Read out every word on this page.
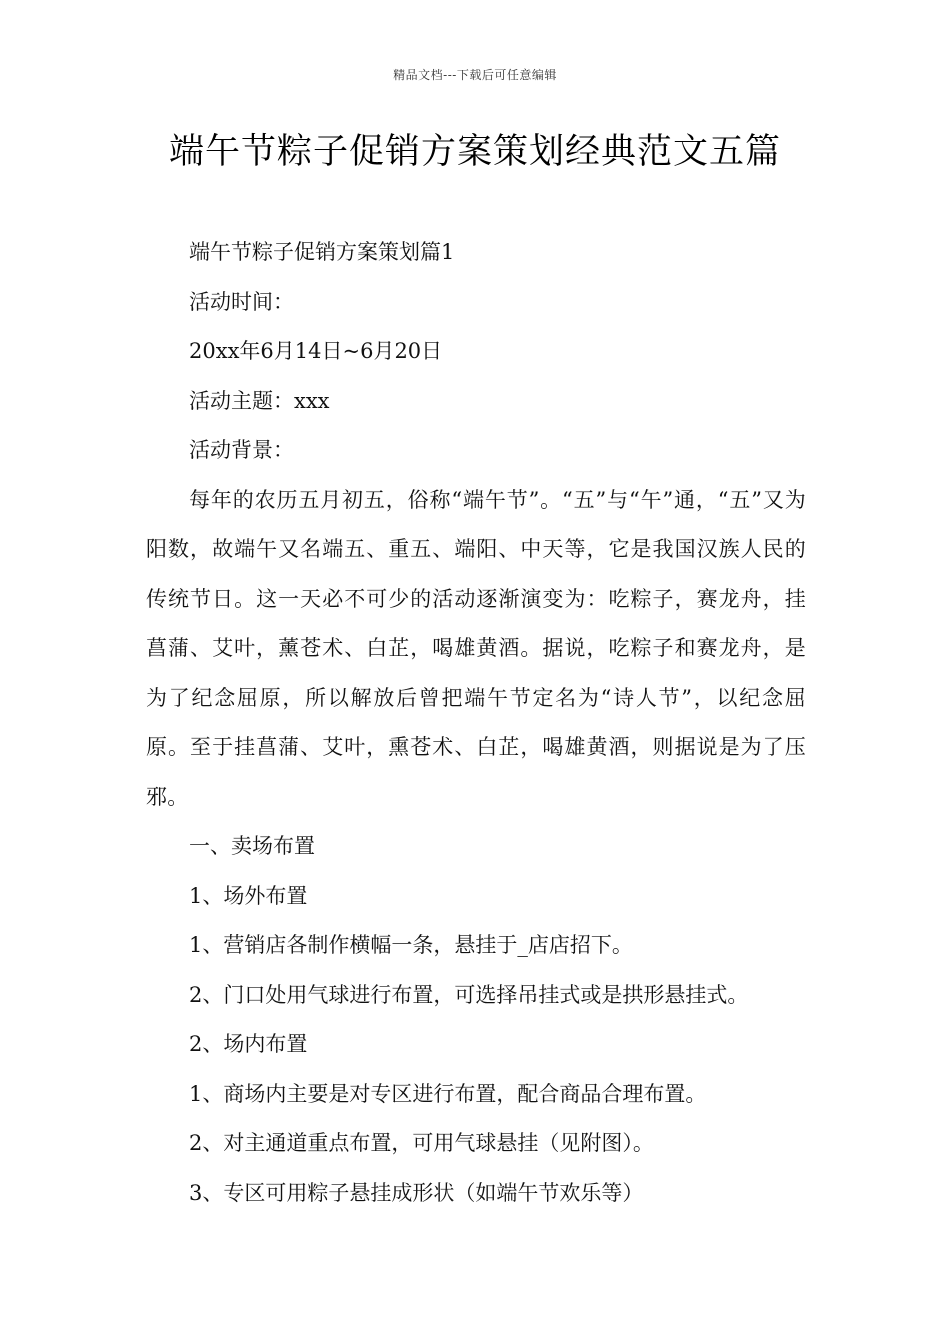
精品文档---下载后可任意编辑
端午节粽子促销方案策划经典范文五篇

端午节粽子促销方案策划篇1

活动时间：

20xx年6月14日~6月20日

活动主题：xxx

活动背景：

每年的农历五月初五，俗称“端午节”。“五”与“午”通，“五”又为阳数，故端午又名端五、重五、端阳、中天等，它是我国汉族人民的传统节日。这一天必不可少的活动逐渐演变为：吃粽子，赛龙舟，挂菖蒲、艾叶，薰苍术、白芷，喝雄黄酒。据说，吃粽子和赛龙舟，是为了纪念屈原，所以解放后曾把端午节定名为“诗人节”，以纪念屈原。至于挂菖蒲、艾叶，熏苍术、白芷，喝雄黄酒，则据说是为了压邪。

一、卖场布置

1、场外布置

1、营销店各制作横幅一条，悬挂于_店店招下。

2、门口处用气球进行布置，可选择吊挂式或是拱形悬挂式。

2、场内布置

1、商场内主要是对专区进行布置，配合商品合理布置。

2、对主通道重点布置，可用气球悬挂（见附图）。

3、专区可用粽子悬挂成形状（如端午节欢乐等）
